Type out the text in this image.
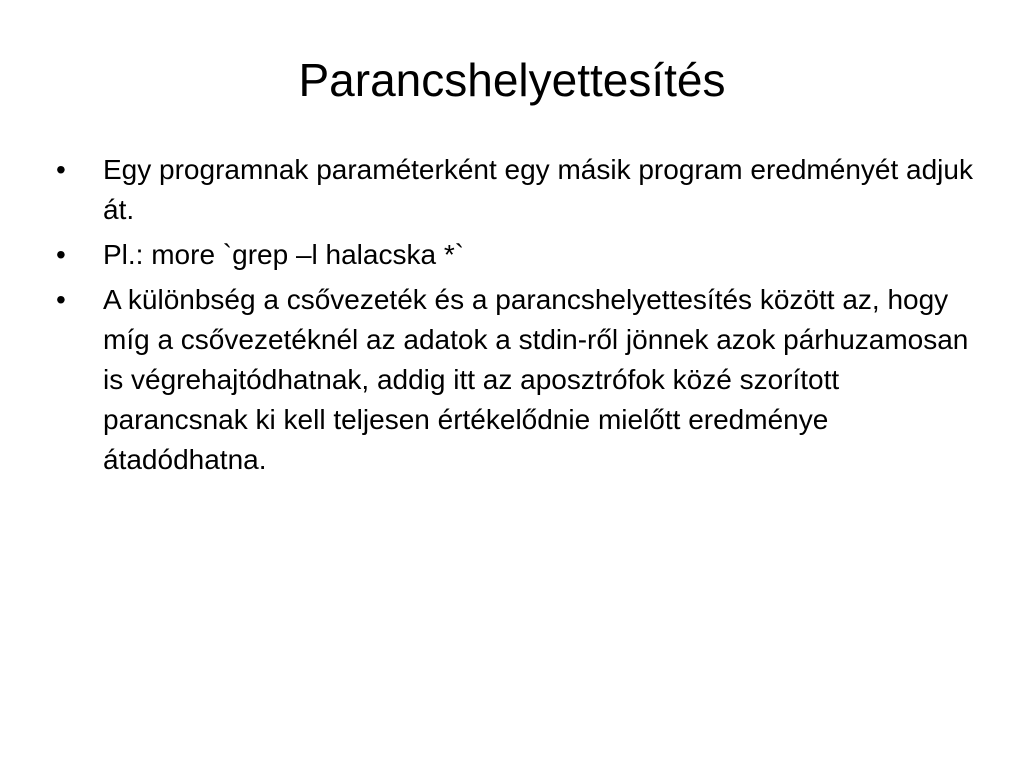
Parancshelyettesítés
• Egy programnak paraméterként egy másik program eredményét adjuk át.
• Pl.: more `grep –l halacska *`
• A különbség a csővezeték és a parancshelyettesítés között az, hogy míg a csővezetéknél az adatok a stdin-ről jönnek azok párhuzamosan is végrehajtódhatnak, addig itt az aposztrófok közé szorított parancsnak ki kell teljesen értékelődnie mielőtt eredménye átadódhatna.
